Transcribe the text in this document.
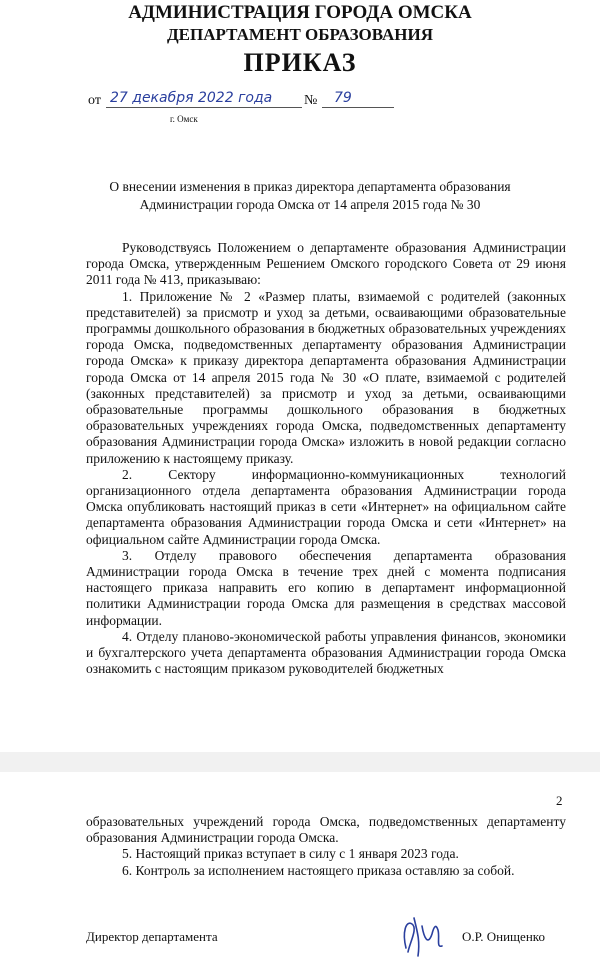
АДМИНИСТРАЦИЯ ГОРОДА ОМСКА
ДЕПАРТАМЕНТ ОБРАЗОВАНИЯ
ПРИКАЗ
от 27 декабря 2022 года № 79
г. Омск
О внесении изменения в приказ директора департамента образования Администрации города Омска от 14 апреля 2015 года № 30

Руководствуясь Положением о департаменте образования Администрации города Омска, утвержденным Решением Омского городского Совета от 29 июня 2011 года № 413, приказываю:

1. Приложение № 2 «Размер платы, взимаемой с родителей (законных представителей) за присмотр и уход за детьми, осваивающими образовательные программы дошкольного образования в бюджетных образовательных учреждениях города Омска, подведомственных департаменту образования Администрации города Омска» к приказу директора департамента образования Администрации города Омска от 14 апреля 2015 года № 30 «О плате, взимаемой с родителей (законных представителей) за присмотр и уход за детьми, осваивающими образовательные программы дошкольного образования в бюджетных образовательных учреждениях города Омска, подведомственных департаменту образования Администрации города Омска» изложить в новой редакции согласно приложению к настоящему приказу.

2. Сектору информационно-коммуникационных технологий организационного отдела департамента образования Администрации города Омска опубликовать настоящий приказ в сети «Интернет» на официальном сайте департамента образования Администрации города Омска и сети «Интернет» на официальном сайте Администрации города Омска.

3. Отделу правового обеспечения департамента образования Администрации города Омска в течение трех дней с момента подписания настоящего приказа направить его копию в департамент информационной политики Администрации города Омска для размещения в средствах массовой информации.

4. Отделу планово-экономической работы управления финансов, экономики и бухгалтерского учета департамента образования Администрации города Омска ознакомить с настоящим приказом руководителей бюджетных

2

образовательных учреждений города Омска, подведомственных департаменту образования Администрации города Омска.

5. Настоящий приказ вступает в силу с 1 января 2023 года.

6. Контроль за исполнением настоящего приказа оставляю за собой.

Директор департамента	О.Р. Онищенко
